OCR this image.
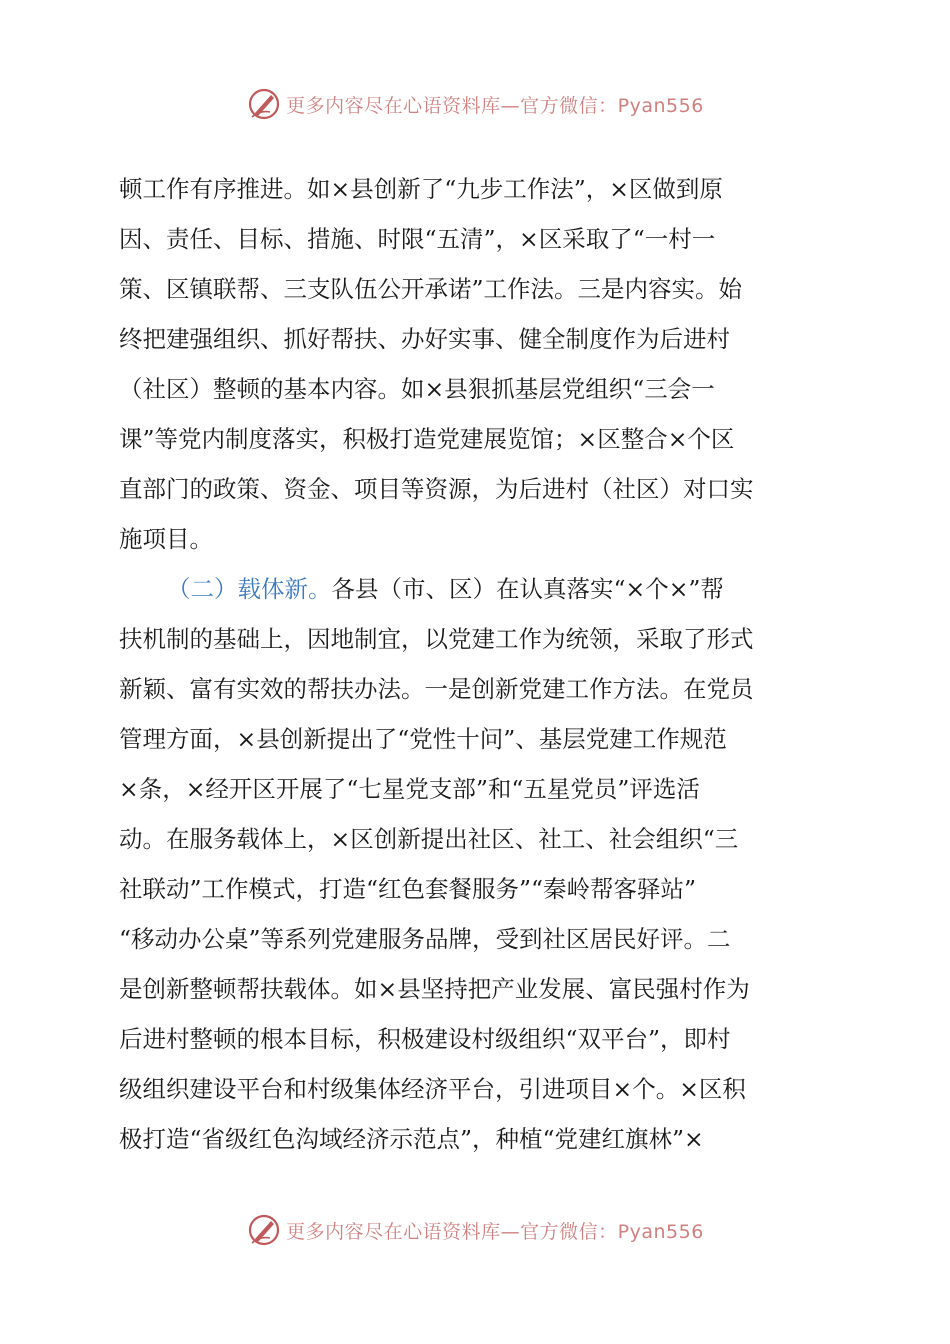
更多内容尽在心语资料库—官方微信：Pyan556
顿工作有序推进。如×县创新了“九步工作法”，×区做到原
因、责任、目标、措施、时限“五清”，×区采取了“一村一
策、区镇联帮、三支队伍公开承诺”工作法。三是内容实。始
终把建强组织、抓好帮扶、办好实事、健全制度作为后进村
（社区）整顿的基本内容。如×县狠抓基层党组织“三会一
课”等党内制度落实，积极打造党建展览馆；×区整合×个区
直部门的政策、资金、项目等资源，为后进村（社区）对口实
施项目。
（二）载体新。 各县（市、区）在认真落实“×个×”帮
扶机制的基础上，因地制宜，以党建工作为统领，采取了形式
新颖、富有实效的帮扶办法。一是创新党建工作方法。在党员
管理方面，×县创新提出了“党性十问”、基层党建工作规范
×条，×经开区开展了“七星党支部”和“五星党员”评选活
动。在服务载体上，×区创新提出社区、社工、社会组织“三
社联动”工作模式，打造“红色套餐服务”“秦岭帮客驿站”
“移动办公桌”等系列党建服务品牌，受到社区居民好评。二
是创新整顿帮扶载体。如×县坚持把产业发展、富民强村作为
后进村整顿的根本目标，积极建设村级组织“双平台”，即村
级组织建设平台和村级集体经济平台，引进项目×个。×区积
极打造“省级红色沟域经济示范点”，种植“党建红旗林”×
更多内容尽在心语资料库—官方微信：Pyan556
